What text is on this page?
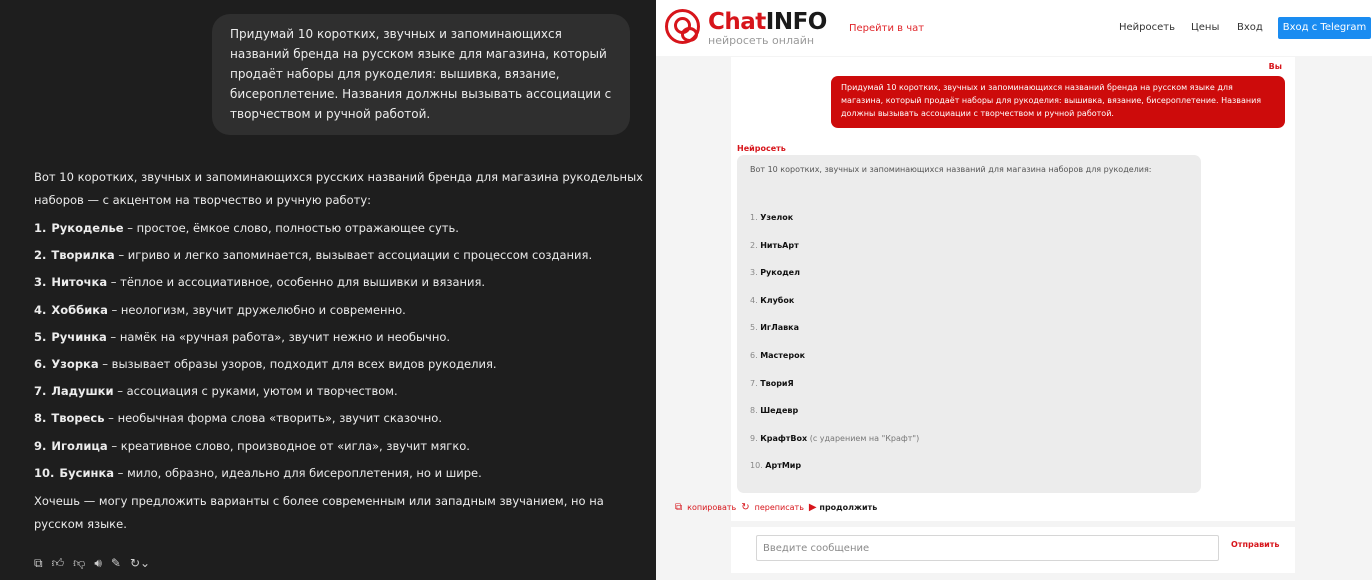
Придумай 10 коротких, звучных и запоминающихся названий бренда на русском языке для магазина, который продаёт наборы для рукоделия: вышивка, вязание, бисероплетение. Названия должны вызывать ассоциации с творчеством и ручной работой.

Вот 10 коротких, звучных и запоминающихся русских названий бренда для магазина рукодельных наборов — с акцентом на творчество и ручную работу:

1. Рукоделье – простое, ёмкое слово, полностью отражающее суть.
2. Творилка – игриво и легко запоминается, вызывает ассоциации с процессом создания.
3. Ниточка – тёплое и ассоциативное, особенно для вышивки и вязания.
4. Хоббика – неологизм, звучит дружелюбно и современно.
5. Ручинка – намёк на «ручная работа», звучит нежно и необычно.
6. Узорка – вызывает образы узоров, подходит для всех видов рукоделия.
7. Ладушки – ассоциация с руками, уютом и творчеством.
8. Творесь – необычная форма слова «творить», звучит сказочно.
9. Иголица – креативное слово, производное от «игла», звучит мягко.
10. Бусинка – мило, образно, идеально для бисероплетения, но и шире.

Хочешь — могу предложить варианты с более современным или западным звучанием, но на русском языке.

⧉ 👍︎ 👎︎ 🔊︎ ✎ ↻⌄
ChatINFO
нейросеть онлайн
Перейти в чат	Нейросеть Цены Вход	Вход с Telegram
Вы
Придумай 10 коротких, звучных и запоминающихся названий бренда на русском языке для магазина, который продаёт наборы для рукоделия: вышивка, вязание, бисероплетение. Названия должны вызывать ассоциации с творчеством и ручной работой.
Нейросеть

Вот 10 коротких, звучных и запоминающихся названий для магазина наборов для рукоделия:

1. Узелок
2. НитьАрт
3. Рукодел
4. Клубок
5. ИгЛавка
6. Мастерок
7. ТвориЯ
8. Шедевр
9. КрафтВох (с ударением на "Крафт")
10. АртМир
⧉ копировать ↻ переписать ▶ продолжить
Введите сообщение
Отправить
